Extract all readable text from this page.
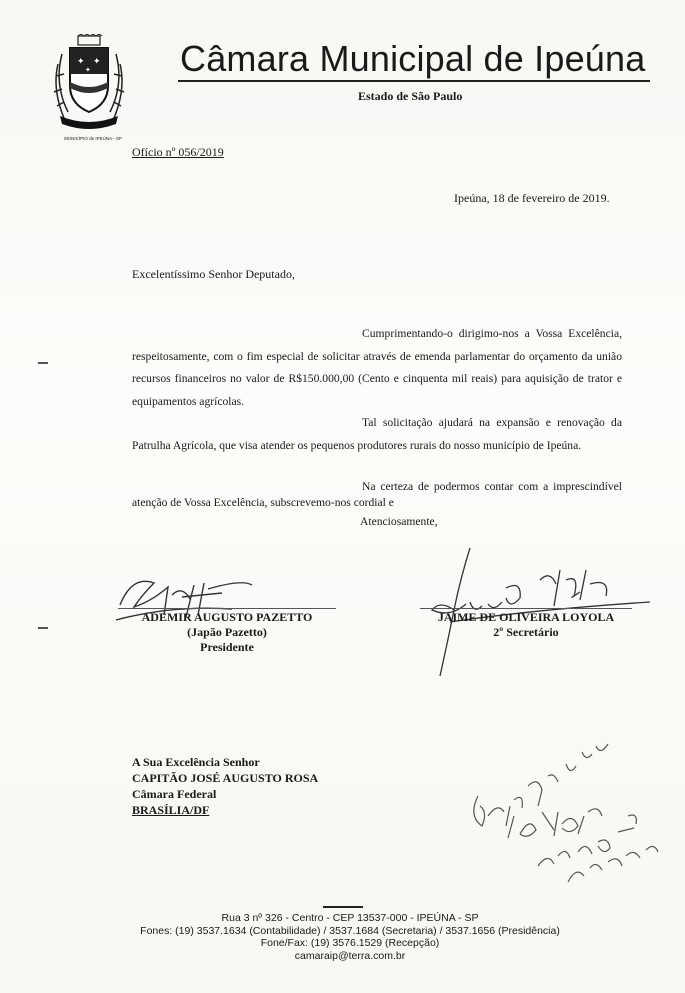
✦ ✦
✦
MUNICÍPIO de IPEÚNA - SP
Câmara Municipal de Ipeúna
Estado de São Paulo
Ofício nº 056/2019
Ipeúna, 18 de fevereiro de 2019.
Excelentíssimo Senhor Deputado,
Cumprimentando-o dirigimo-nos a Vossa Excelência, respeitosamente, com o fim especial de solicitar através de emenda parlamentar do orçamento da união recursos financeiros no valor de R$150.000,00 (Cento e cinquenta mil reais) para aquisição de trator e equipamentos agrícolas.
Tal solicitação ajudará na expansão e renovação da Patrulha Agrícola, que visa atender os pequenos produtores rurais do nosso município de Ipeúna.
Na certeza de podermos contar com a imprescindível atenção de Vossa Excelência, subscrevemo-nos cordial e
Atenciosamente,
ADEMIR AUGUSTO PAZETTO
(Japão Pazetto)
Presidente
JAIME DE OLIVEIRA LOYOLA
2º Secretário
A Sua Excelência Senhor
CAPITÃO JOSÉ AUGUSTO ROSA
Câmara Federal
BRASÍLIA/DF
Rua 3 nº 326 - Centro - CEP 13537-000 - IPEÚNA - SP
Fones: (19) 3537.1634 (Contabilidade) / 3537.1684 (Secretaria) / 3537.1656 (Presidência)
Fone/Fax: (19) 3576.1529 (Recepção)
camaraip@terra.com.br
